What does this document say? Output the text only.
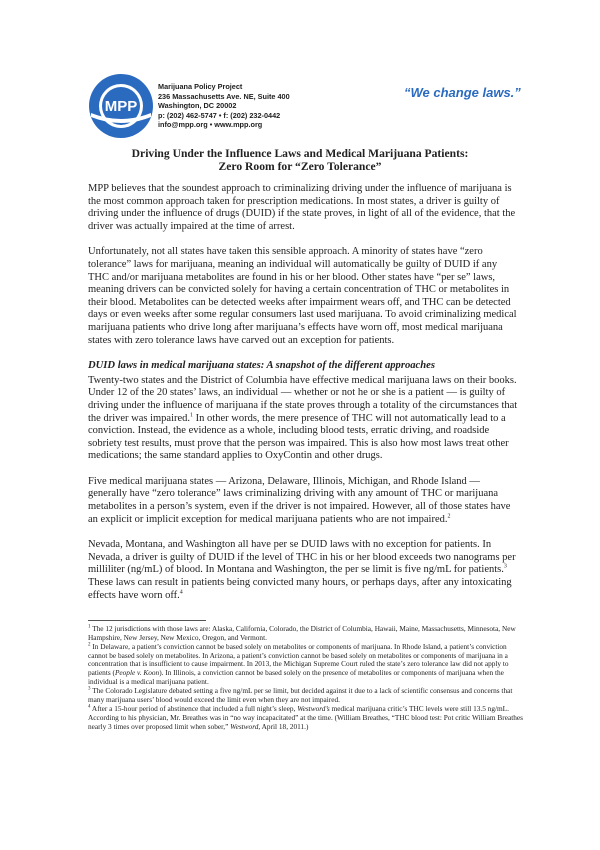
MPP
Marijuana Policy Project
236 Massachusetts Ave. NE, Suite 400
Washington, DC 20002
p: (202) 462-5747 • f: (202) 232-0442
info@mpp.org • www.mpp.org
“We change laws.”
Driving Under the Influence Laws and Medical Marijuana Patients:
Zero Room for “Zero Tolerance”

MPP believes that the soundest approach to criminalizing driving under the influence of marijuana is the most common approach taken for prescription medications. In most states, a driver is guilty of driving under the influence of drugs (DUID) if the state proves, in light of all of the evidence, that the driver was actually impaired at the time of arrest.

Unfortunately, not all states have taken this sensible approach. A minority of states have “zero tolerance” laws for marijuana, meaning an individual will automatically be guilty of DUID if any THC and/or marijuana metabolites are found in his or her blood. Other states have “per se” laws, meaning drivers can be convicted solely for having a certain concentration of THC or metabolites in their blood. Metabolites can be detected weeks after impairment wears off, and THC can be detected days or even weeks after some regular consumers last used marijuana. To avoid criminalizing medical marijuana patients who drive long after marijuana’s effects have worn off, most medical marijuana states with zero tolerance laws have carved out an exception for patients.

DUID laws in medical marijuana states: A snapshot of the different approaches

Twenty-two states and the District of Columbia have effective medical marijuana laws on their books. Under 12 of the 20 states’ laws, an individual — whether or not he or she is a patient — is guilty of driving under the influence of marijuana if the state proves through a totality of the circumstances that the driver was impaired.$^1$ In other words, the mere presence of THC will not automatically lead to a conviction. Instead, the evidence as a whole, including blood tests, erratic driving, and roadside sobriety test results, must prove that the person was impaired. This is also how most laws treat other medications; the same standard applies to OxyContin and other drugs.

Five medical marijuana states — Arizona, Delaware, Illinois, Michigan, and Rhode Island — generally have “zero tolerance” laws criminalizing driving with any amount of THC or marijuana metabolites in a person’s system, even if the driver is not impaired. However, all of those states have an explicit or implicit exception for medical marijuana patients who are not impaired.$^2$

Nevada, Montana, and Washington all have per se DUID laws with no exception for patients. In Nevada, a driver is guilty of DUID if the level of THC in his or her blood exceeds two nanograms per milliliter (ng/mL) of blood. In Montana and Washington, the per se limit is five ng/mL for patients.$^3$ These laws can result in patients being convicted many hours, or perhaps days, after any intoxicating effects have worn off.$^4$

$^1$ The 12 jurisdictions with those laws are: Alaska, California, Colorado, the District of Columbia, Hawaii, Maine, Massachusetts, Minnesota, New Hampshire, New Jersey, New Mexico, Oregon, and Vermont.

$^2$ In Delaware, a patient’s conviction cannot be based solely on metabolites or components of marijuana. In Rhode Island, a patient’s conviction cannot be based solely on metabolites. In Arizona, a patient’s conviction cannot be based solely on metabolites or components of marijuana in a concentration that is insufficient to cause impairment. In 2013, the Michigan Supreme Court ruled the state’s zero tolerance law did not apply to patients (People v. Koon). In Illinois, a conviction cannot be based solely on the presence of metabolites or components of marijuana when the individual is a medical marijuana patient.

$^3$ The Colorado Legislature debated setting a five ng/mL per se limit, but decided against it due to a lack of scientific consensus and concerns that many marijuana users’ blood would exceed the limit even when they are not impaired.

$^4$ After a 15-hour period of abstinence that included a full night’s sleep, Westword’s medical marijuana critic’s THC levels were still 13.5 ng/mL. According to his physician, Mr. Breathes was in “no way incapacitated” at the time. (William Breathes, “THC blood test: Pot critic William Breathes nearly 3 times over proposed limit when sober,” Westword, April 18, 2011.)
